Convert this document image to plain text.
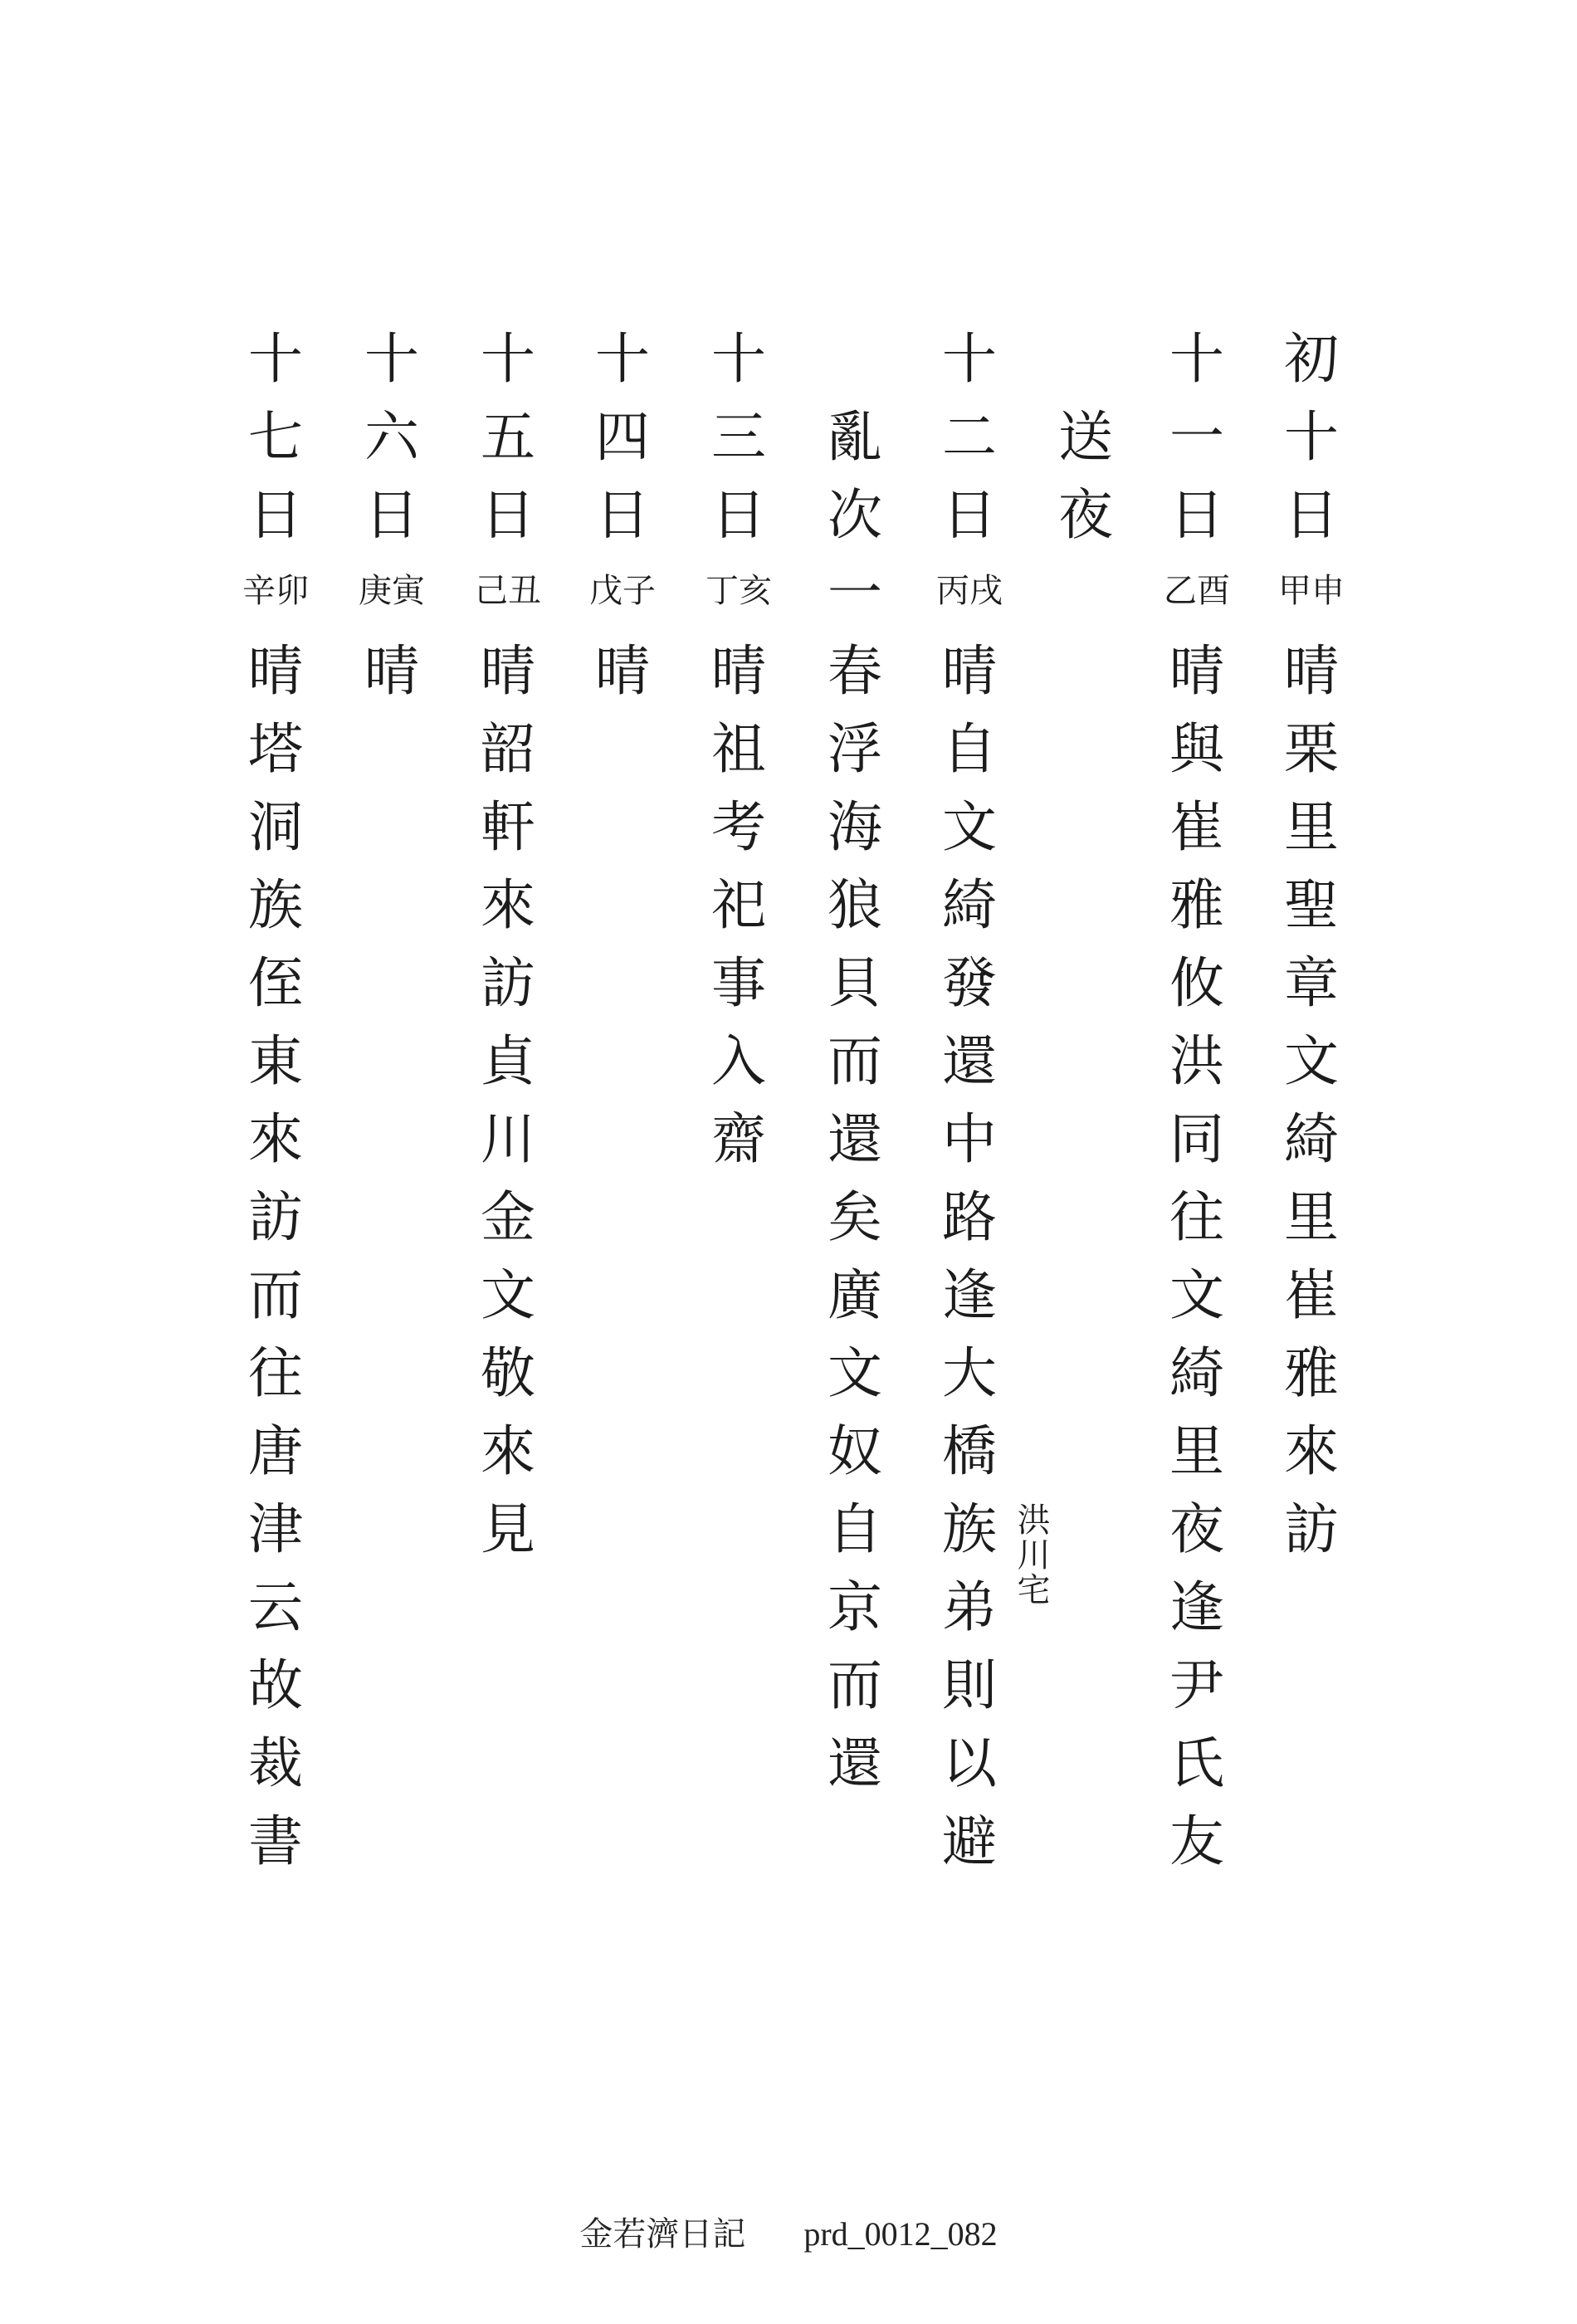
初
十
日
甲申
晴
栗
里
聖
章
文
綺
里
崔
雅
來
訪
十
一
日
乙酉
晴
與
崔
雅
攸
洪
同
往
文
綺
里
夜
逢
尹
氏
友
送
夜
十
二
日
丙戌
晴
自
文
綺
發
還
中
路
逢
大
橋
族
弟
則
以
避
亂
次
一
春
浮
海
狼
貝
而
還
矣
廣
文
奴
自
京
而
還
十
三
日
丁亥
晴
祖
考
祀
事
入
齋
十
四
日
戊子
晴
十
五
日
己丑
晴
韶
軒
來
訪
貞
川
金
文
敬
來
見
十
六
日
庚寅
晴
十
七
日
辛卯
晴
塔
洞
族
侄
東
來
訪
而
往
唐
津
云
故
裁
書
洪川宅
金若濟日記 prd_0012_082
